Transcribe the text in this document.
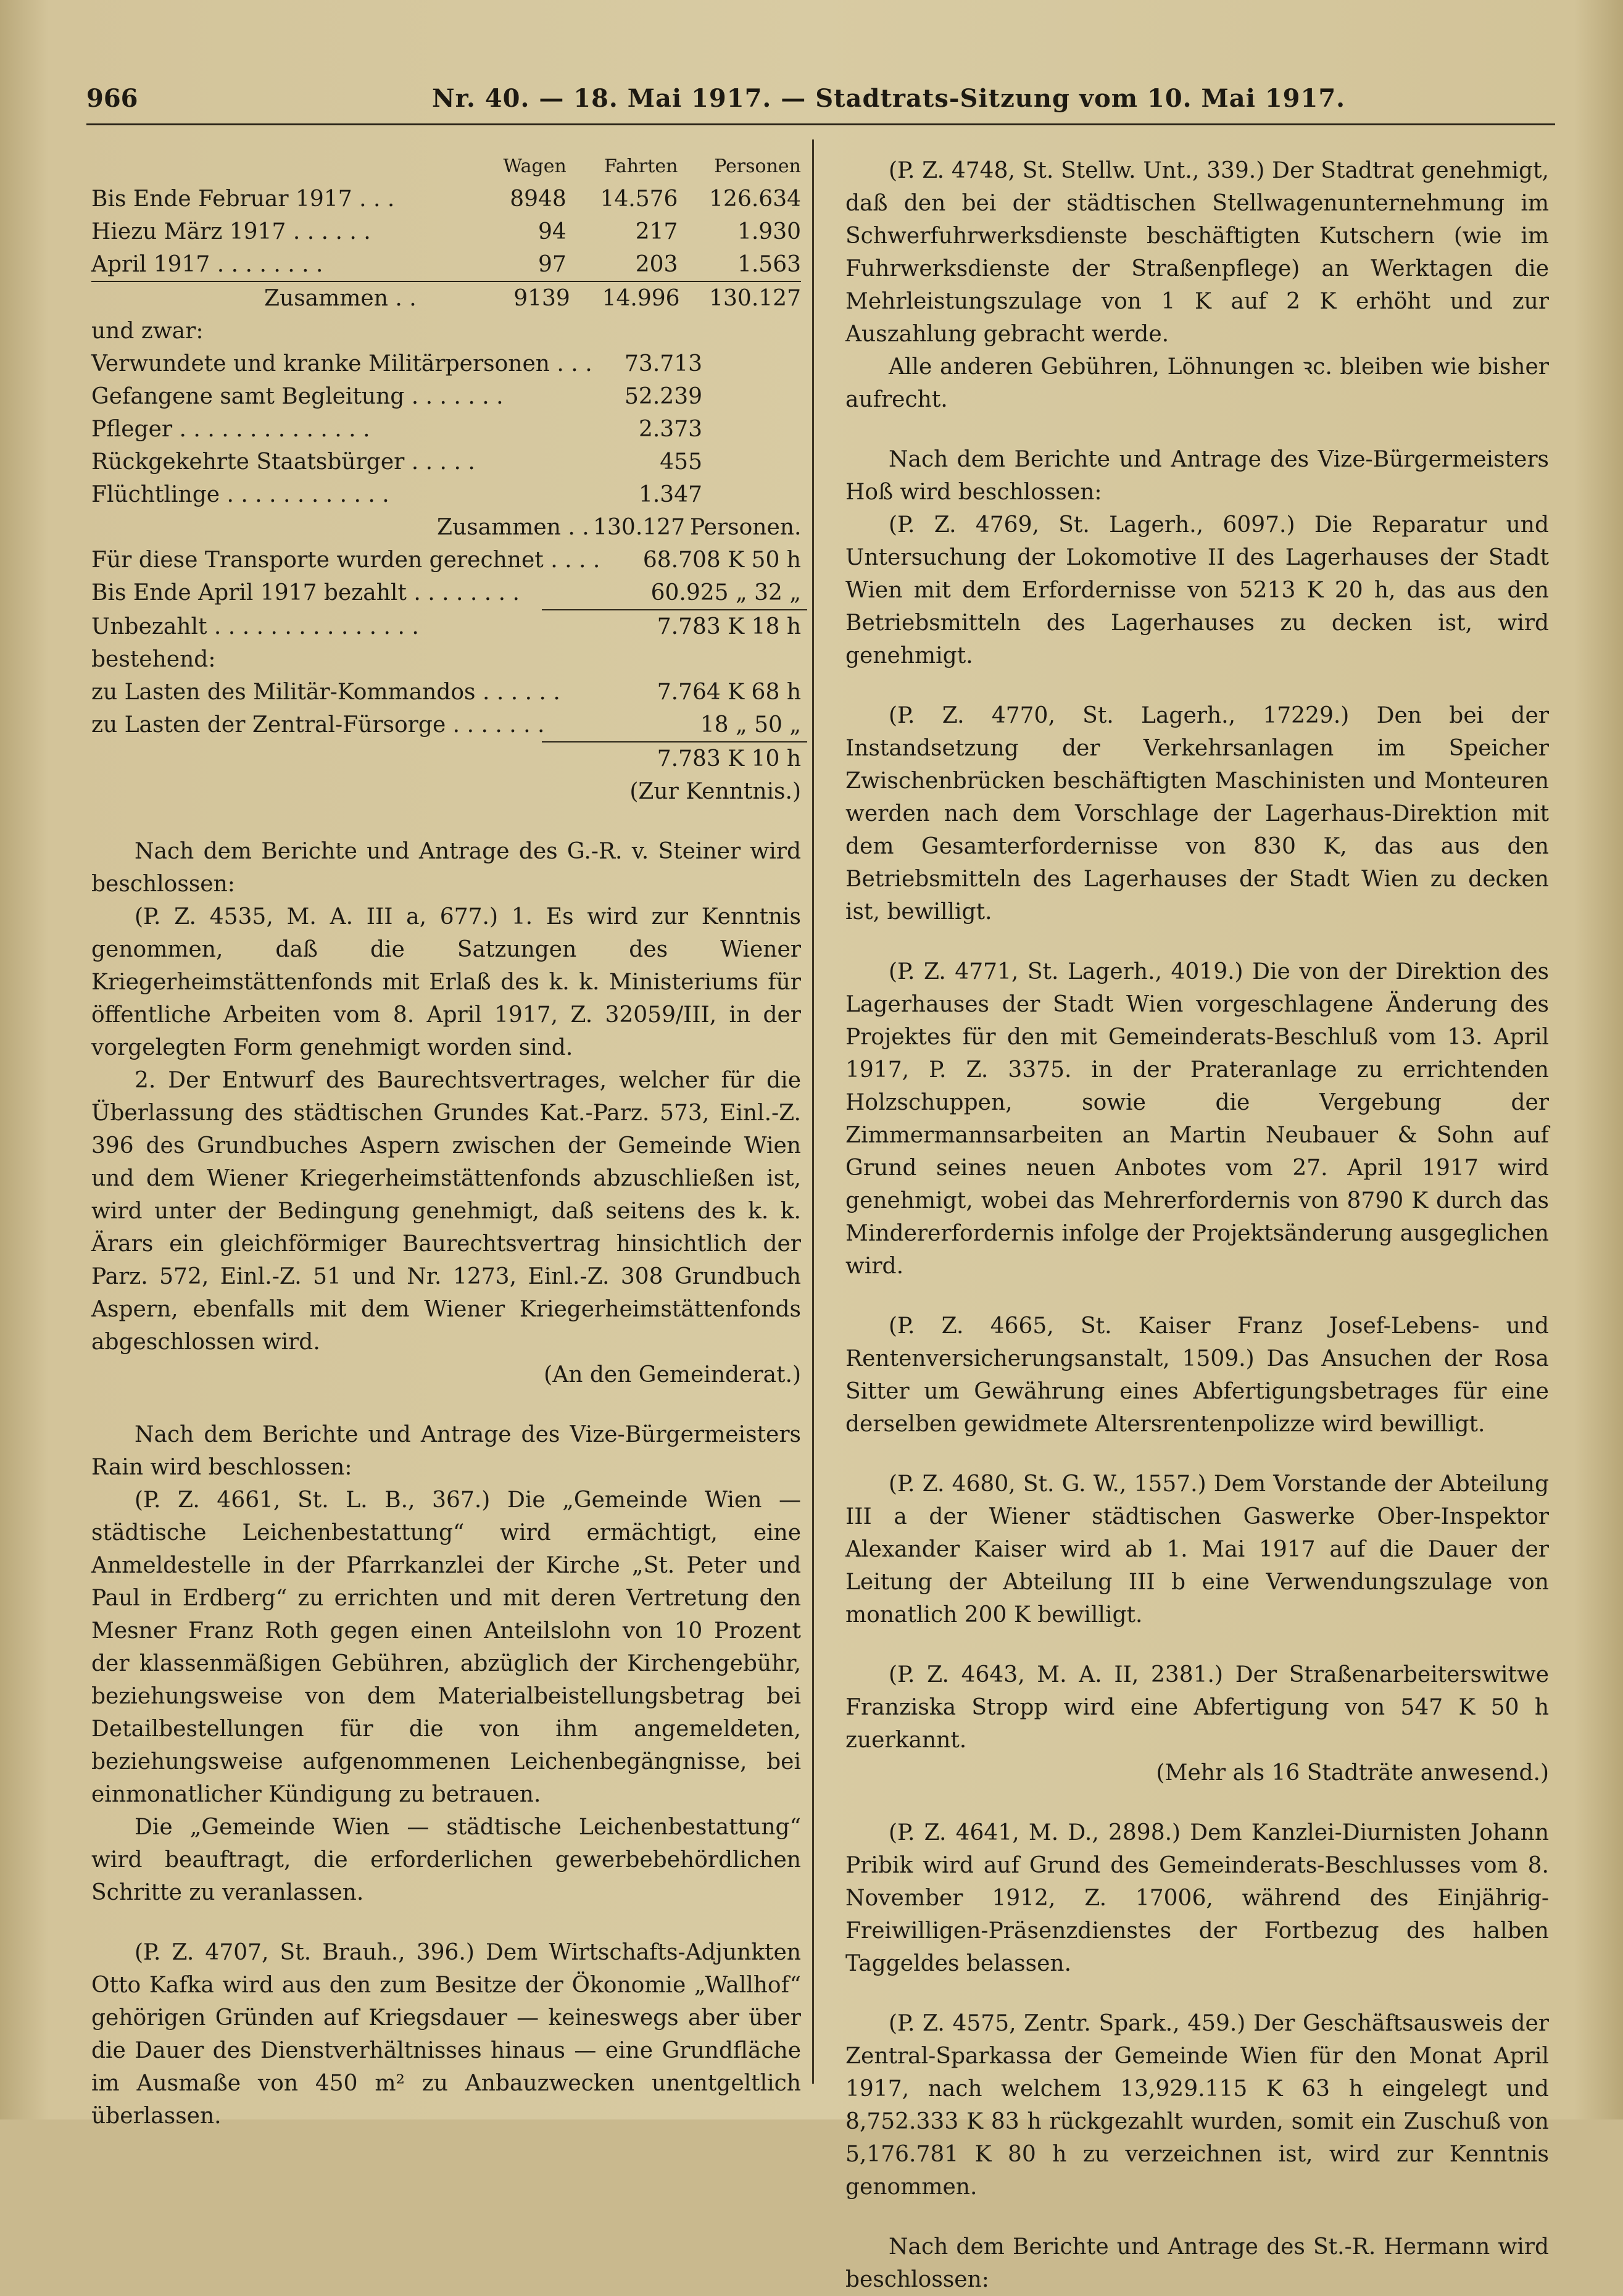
966	Nr. 40. — 18. Mai 1917. — Stadtrats-Sitzung vom 10. Mai 1917.
Wagen	Fahrten	Personen
Bis Ende Februar 1917 . . .	8948	14.576	126.634
Hiezu März 1917 . . . . . .	94	217	1.930
April 1917 . . . . . . . .	97	203	1.563
Zusammen . .	9139	14.996	130.127
und zwar:
Verwundete und kranke Militärpersonen . . .	73.713
Gefangene samt Begleitung . . . . . . .	52.239
Pfleger . . . . . . . . . . . . . .	2.373
Rückgekehrte Staatsbürger . . . . .	455
Flüchtlinge . . . . . . . . . . . .	1.347
Zusammen . . 130.127 Personen.
Für diese Transporte wurden gerechnet . . . .	68.708 K 50 h
Bis Ende April 1917 bezahlt . . . . . . . .	60.925 „ 32 „
Unbezahlt . . . . . . . . . . . . . . .	7.783 K 18 h
bestehend:
zu Lasten des Militär-Kommandos . . . . . .	7.764 K 68 h
zu Lasten der Zentral-Fürsorge . . . . . . .	18 „ 50 „
7.783 K 10 h
(Zur Kenntnis.)

Nach dem Berichte und Antrage des G.-R. v. Steiner wird beschlossen:

(P. Z. 4535, M. A. III a, 677.) 1. Es wird zur Kenntnis genommen, daß die Satzungen des Wiener Kriegerheimstättenfonds mit Erlaß des k. k. Ministeriums für öffentliche Arbeiten vom 8. April 1917, Z. 32059/III, in der vorgelegten Form genehmigt worden sind.

2. Der Entwurf des Baurechtsvertrages, welcher für die Überlassung des städtischen Grundes Kat.-Parz. 573, Einl.-Z. 396 des Grundbuches Aspern zwischen der Gemeinde Wien und dem Wiener Kriegerheimstättenfonds abzuschließen ist, wird unter der Bedingung genehmigt, daß seitens des k. k. Ärars ein gleichförmiger Baurechtsvertrag hinsichtlich der Parz. 572, Einl.-Z. 51 und Nr. 1273, Einl.-Z. 308 Grundbuch Aspern, ebenfalls mit dem Wiener Kriegerheimstättenfonds abgeschlossen wird.

(An den Gemeinderat.)

Nach dem Berichte und Antrage des Vize-Bürgermeisters Rain wird beschlossen:

(P. Z. 4661, St. L. B., 367.) Die „Gemeinde Wien — städtische Leichenbestattung“ wird ermächtigt, eine Anmeldestelle in der Pfarrkanzlei der Kirche „St. Peter und Paul in Erdberg“ zu errichten und mit deren Vertretung den Mesner Franz Roth gegen einen Anteilslohn von 10 Prozent der klassenmäßigen Gebühren, abzüglich der Kirchengebühr, beziehungsweise von dem Materialbeistellungsbetrag bei Detailbestellungen für die von ihm angemeldeten, beziehungsweise aufgenommenen Leichenbegängnisse, bei einmonatlicher Kündigung zu betrauen.

Die „Gemeinde Wien — städtische Leichenbestattung“ wird beauftragt, die erforderlichen gewerbebehördlichen Schritte zu veranlassen.

(P. Z. 4707, St. Brauh., 396.) Dem Wirtschafts-Adjunkten Otto Kafka wird aus den zum Besitze der Ökonomie „Wallhof“ gehörigen Gründen auf Kriegsdauer — keineswegs aber über die Dauer des Dienstverhältnisses hinaus — eine Grundfläche im Ausmaße von 450 m² zu Anbauzwecken unentgeltlich überlassen.

(P. Z. 4748, St. Stellw. Unt., 339.) Der Stadtrat genehmigt, daß den bei der städtischen Stellwagenunternehmung im Schwerfuhrwerksdienste beschäftigten Kutschern (wie im Fuhrwerksdienste der Straßenpflege) an Werktagen die Mehrleistungszulage von 1 K auf 2 K erhöht und zur Auszahlung gebracht werde.

Alle anderen Gebühren, Löhnungen ꝛc. bleiben wie bisher aufrecht.

Nach dem Berichte und Antrage des Vize-Bürgermeisters Hoß wird beschlossen:

(P. Z. 4769, St. Lagerh., 6097.) Die Reparatur und Untersuchung der Lokomotive II des Lagerhauses der Stadt Wien mit dem Erfordernisse von 5213 K 20 h, das aus den Betriebsmitteln des Lagerhauses zu decken ist, wird genehmigt.

(P. Z. 4770, St. Lagerh., 17229.) Den bei der Instandsetzung der Verkehrsanlagen im Speicher Zwischenbrücken beschäftigten Maschinisten und Monteuren werden nach dem Vorschlage der Lagerhaus-Direktion mit dem Gesamterfordernisse von 830 K, das aus den Betriebsmitteln des Lagerhauses der Stadt Wien zu decken ist, bewilligt.

(P. Z. 4771, St. Lagerh., 4019.) Die von der Direktion des Lagerhauses der Stadt Wien vorgeschlagene Änderung des Projektes für den mit Gemeinderats-Beschluß vom 13. April 1917, P. Z. 3375. in der Prateranlage zu errichtenden Holzschuppen, sowie die Vergebung der Zimmermannsarbeiten an Martin Neubauer & Sohn auf Grund seines neuen Anbotes vom 27. April 1917 wird genehmigt, wobei das Mehrerfordernis von 8790 K durch das Mindererfordernis infolge der Projektsänderung ausgeglichen wird.

(P. Z. 4665, St. Kaiser Franz Josef-Lebens- und Rentenversicherungsanstalt, 1509.) Das Ansuchen der Rosa Sitter um Gewährung eines Abfertigungsbetrages für eine derselben gewidmete Altersrentenpolizze wird bewilligt.

(P. Z. 4680, St. G. W., 1557.) Dem Vorstande der Abteilung III a der Wiener städtischen Gaswerke Ober-Inspektor Alexander Kaiser wird ab 1. Mai 1917 auf die Dauer der Leitung der Abteilung III b eine Verwendungszulage von monatlich 200 K bewilligt.

(P. Z. 4643, M. A. II, 2381.) Der Straßenarbeiterswitwe Franziska Stropp wird eine Abfertigung von 547 K 50 h zuerkannt.

(Mehr als 16 Stadträte anwesend.)

(P. Z. 4641, M. D., 2898.) Dem Kanzlei-Diurnisten Johann Pribik wird auf Grund des Gemeinderats-Beschlusses vom 8. November 1912, Z. 17006, während des Einjährig-Freiwilligen-Präsenzdienstes der Fortbezug des halben Taggeldes belassen.

(P. Z. 4575, Zentr. Spark., 459.) Der Geschäftsausweis der Zentral-Sparkassa der Gemeinde Wien für den Monat April 1917, nach welchem 13,929.115 K 63 h eingelegt und 8,752.333 K 83 h rückgezahlt wurden, somit ein Zuschuß von 5,176.781 K 80 h zu verzeichnen ist, wird zur Kenntnis genommen.

Nach dem Berichte und Antrage des St.-R. Hermann wird beschlossen:
